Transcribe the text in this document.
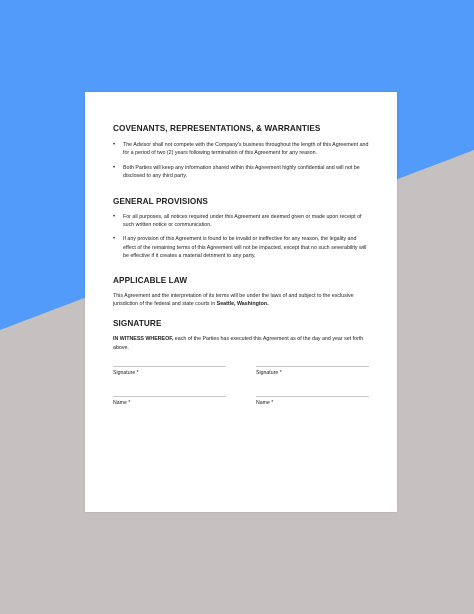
COVENANTS, REPRESENTATIONS, & WARRANTIES
• The Advisor shall not compete with the Company's business throughout the length of this Agreement and for a period of two (2) years following termination of this Agreement for any reason.
• Both Parties will keep any information shared within this Agreement highly confidential and will not be disclosed to any third party.
GENERAL PROVISIONS
• For all purposes, all notices required under this Agreement are deemed given or made upon receipt of such written notice or communication.
• If any provision of this Agreement is found to be invalid or ineffective for any reason, the legality and effect of the remaining terms of this Agreement will not be impacted, except that no such severability will be effective if it creates a material detriment to any party.
APPLICABLE LAW

This Agreement and the interpretation of its terms will be under the laws of and subject to the exclusive jurisdiction of the federal and state courts in Seattle, Washington.

SIGNATURE

IN WITNESS WHEREOF, each of the Parties has executed this Agreement as of the day and year set forth above.

Signature *
Name *
Signature *
Name *
